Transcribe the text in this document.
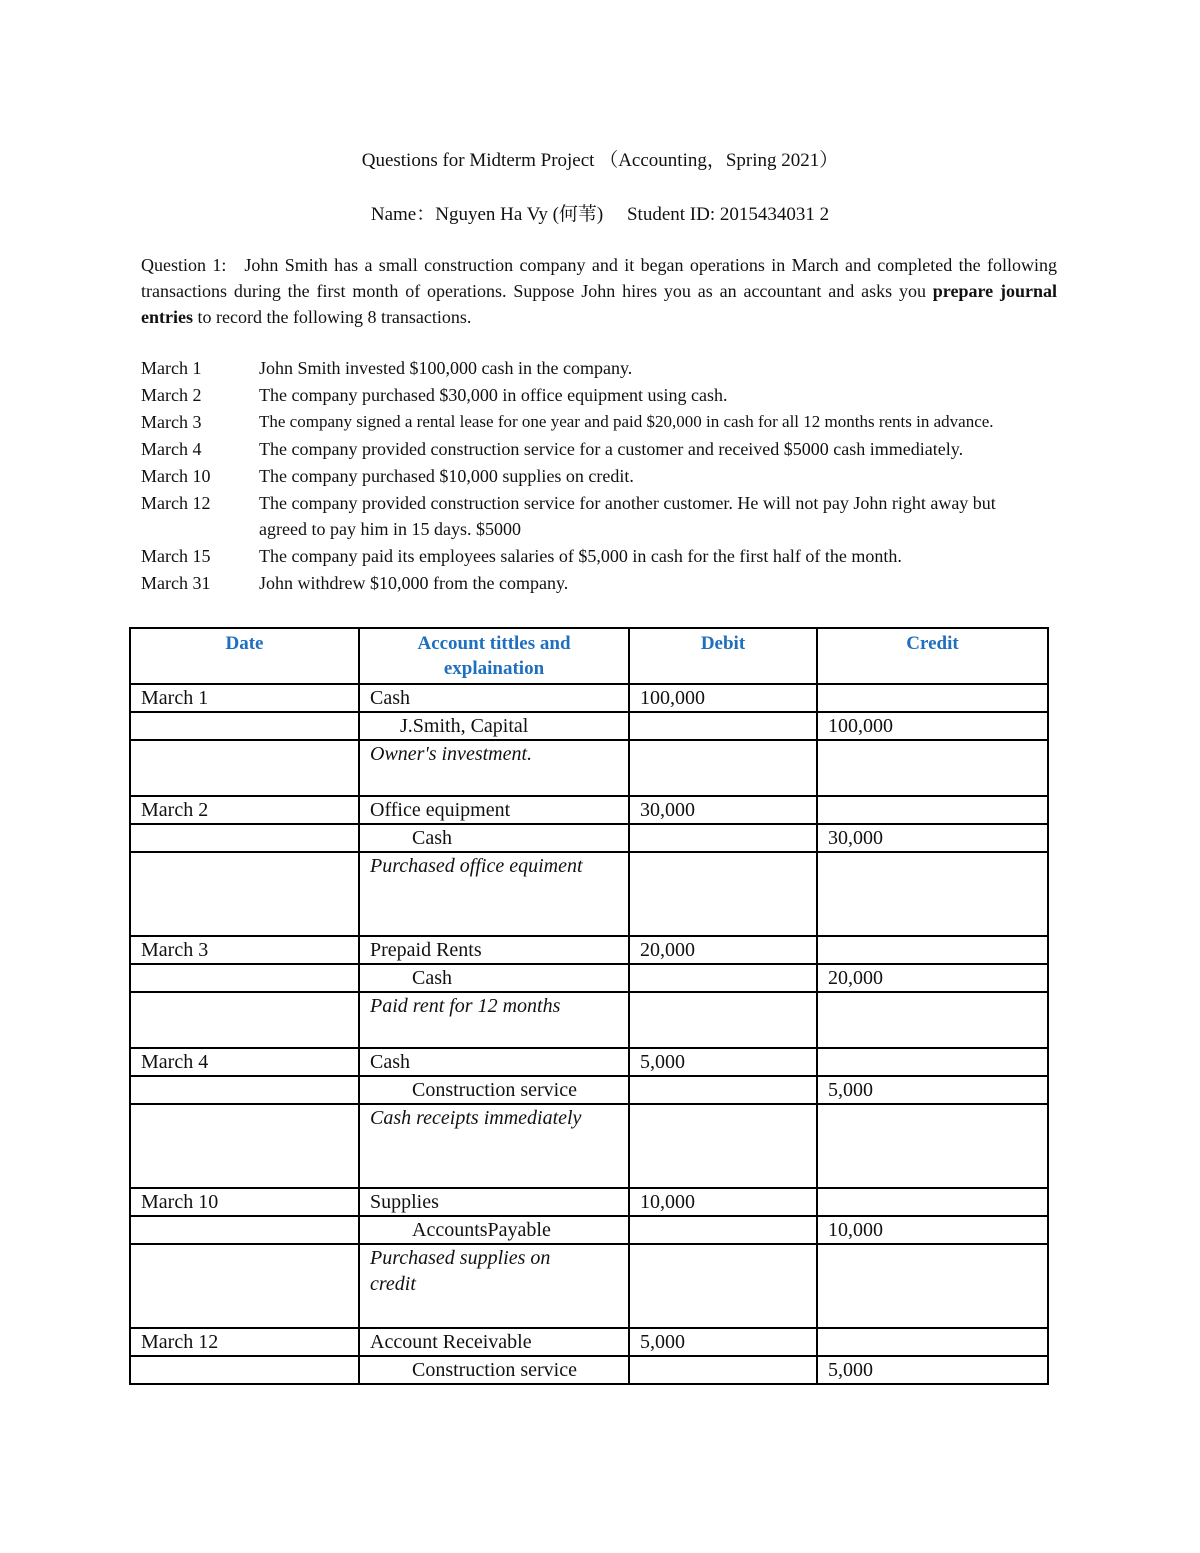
Questions for Midterm Project （Accounting，Spring 2021）
Name：Nguyen Ha Vy (何苇)     Student ID: 2015434031 2
Question 1: John Smith has a small construction company and it began operations in March and completed the following transactions during the first month of operations. Suppose John hires you as an accountant and asks you prepare journal entries to record the following 8 transactions.
March 1	John Smith invested $100,000 cash in the company.
March 2	The company purchased $30,000 in office equipment using cash.
March 3	The company signed a rental lease for one year and paid $20,000 in cash for all 12 months rents in advance.
March 4	The company provided construction service for a customer and received $5000 cash immediately.
March 10	The company purchased $10,000 supplies on credit.
March 12	The company provided construction service for another customer. He will not pay John right away but agreed to pay him in 15 days. $5000
March 15	The company paid its employees salaries of $5,000 in cash for the first half of the month.
March 31	John withdrew $10,000 from the company.
Date	Account tittles and explaination	Debit	Credit
March 1	Cash	100,000	
	J.Smith, Capital		100,000
	Owner's investment.		
March 2	Office equipment	30,000	
	Cash		30,000
	Purchased office equiment		
March 3	Prepaid Rents	20,000	
	Cash		20,000
	Paid rent for 12 months		
March 4	Cash	5,000	
	Construction service		5,000
	Cash receipts immediately		
March 10	Supplies	10,000	
	AccountsPayable		10,000
	Purchased supplies on credit		
March 12	Account Receivable	5,000	
	Construction service		5,000
